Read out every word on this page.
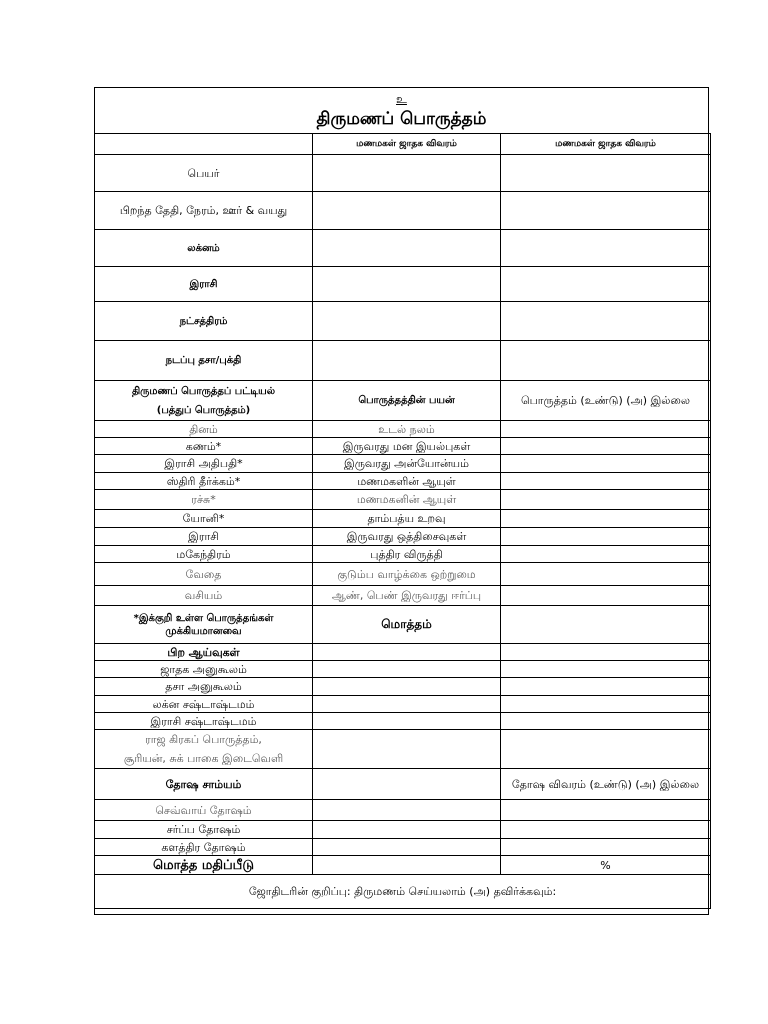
உ
திருமணப் பொருத்தம்
	மணமகள் ஜாதக விவரம்	மணமகள் ஜாதக விவரம்
பெயர்		
பிறந்த தேதி, நேரம், ஊர் & வயது		
லக்னம்		
இராசி		
நட்சத்திரம்		
நடப்பு தசா/புக்தி		

திருமணப் பொருத்தப் பட்டியல்
(பத்துப் பொருத்தம்)	பொருத்தத்தின் பயன்	பொருத்தம் (உண்டு) (அ) இல்லை
தினம்	உடல் நலம்	
கணம்*	இருவரது மன இயல்புகள்	
இராசி அதிபதி*	இருவரது அன்யோன்யம்	
ஸ்திரி தீர்க்கம்*	மணமகளின் ஆயுள்	
ரச்சு*	மணமகனின் ஆயுள்	
யோனி*	தாம்பத்ய உறவு	
இராசி	இருவரது ஒத்திசைவுகள்	
மகேந்திரம்	புத்திர விருத்தி	
வேதை	குடும்ப வாழ்க்கை ஒற்றுமை	
வசியம்	ஆண், பெண் இருவரது ஈர்ப்பு	

*இக்குறி உள்ள பொருத்தங்கள்
முக்கியமானவை	மொத்தம்	
பிற ஆய்வுகள்		
ஜாதக அனுகூலம்		
தசா அனுகூலம்		
லக்ன சஷ்டாஷ்டமம்		
இராசி சஷ்டாஷ்டமம்		

ராஜ கிரகப் பொருத்தம்,
சூரியன், சுக் பாகை இடைவெளி		

தோஷ சாம்யம்		தோஷ விவரம் (உண்டு) (அ) இல்லை
செவ்வாய் தோஷம்		
சர்ப்ப தோஷம்		
களத்திர தோஷம்		
மொத்த மதிப்பீடு		%
ஜோதிடரின் குறிப்பு: திருமணம் செய்யலாம் (அ) தவிர்க்கவும்:		
